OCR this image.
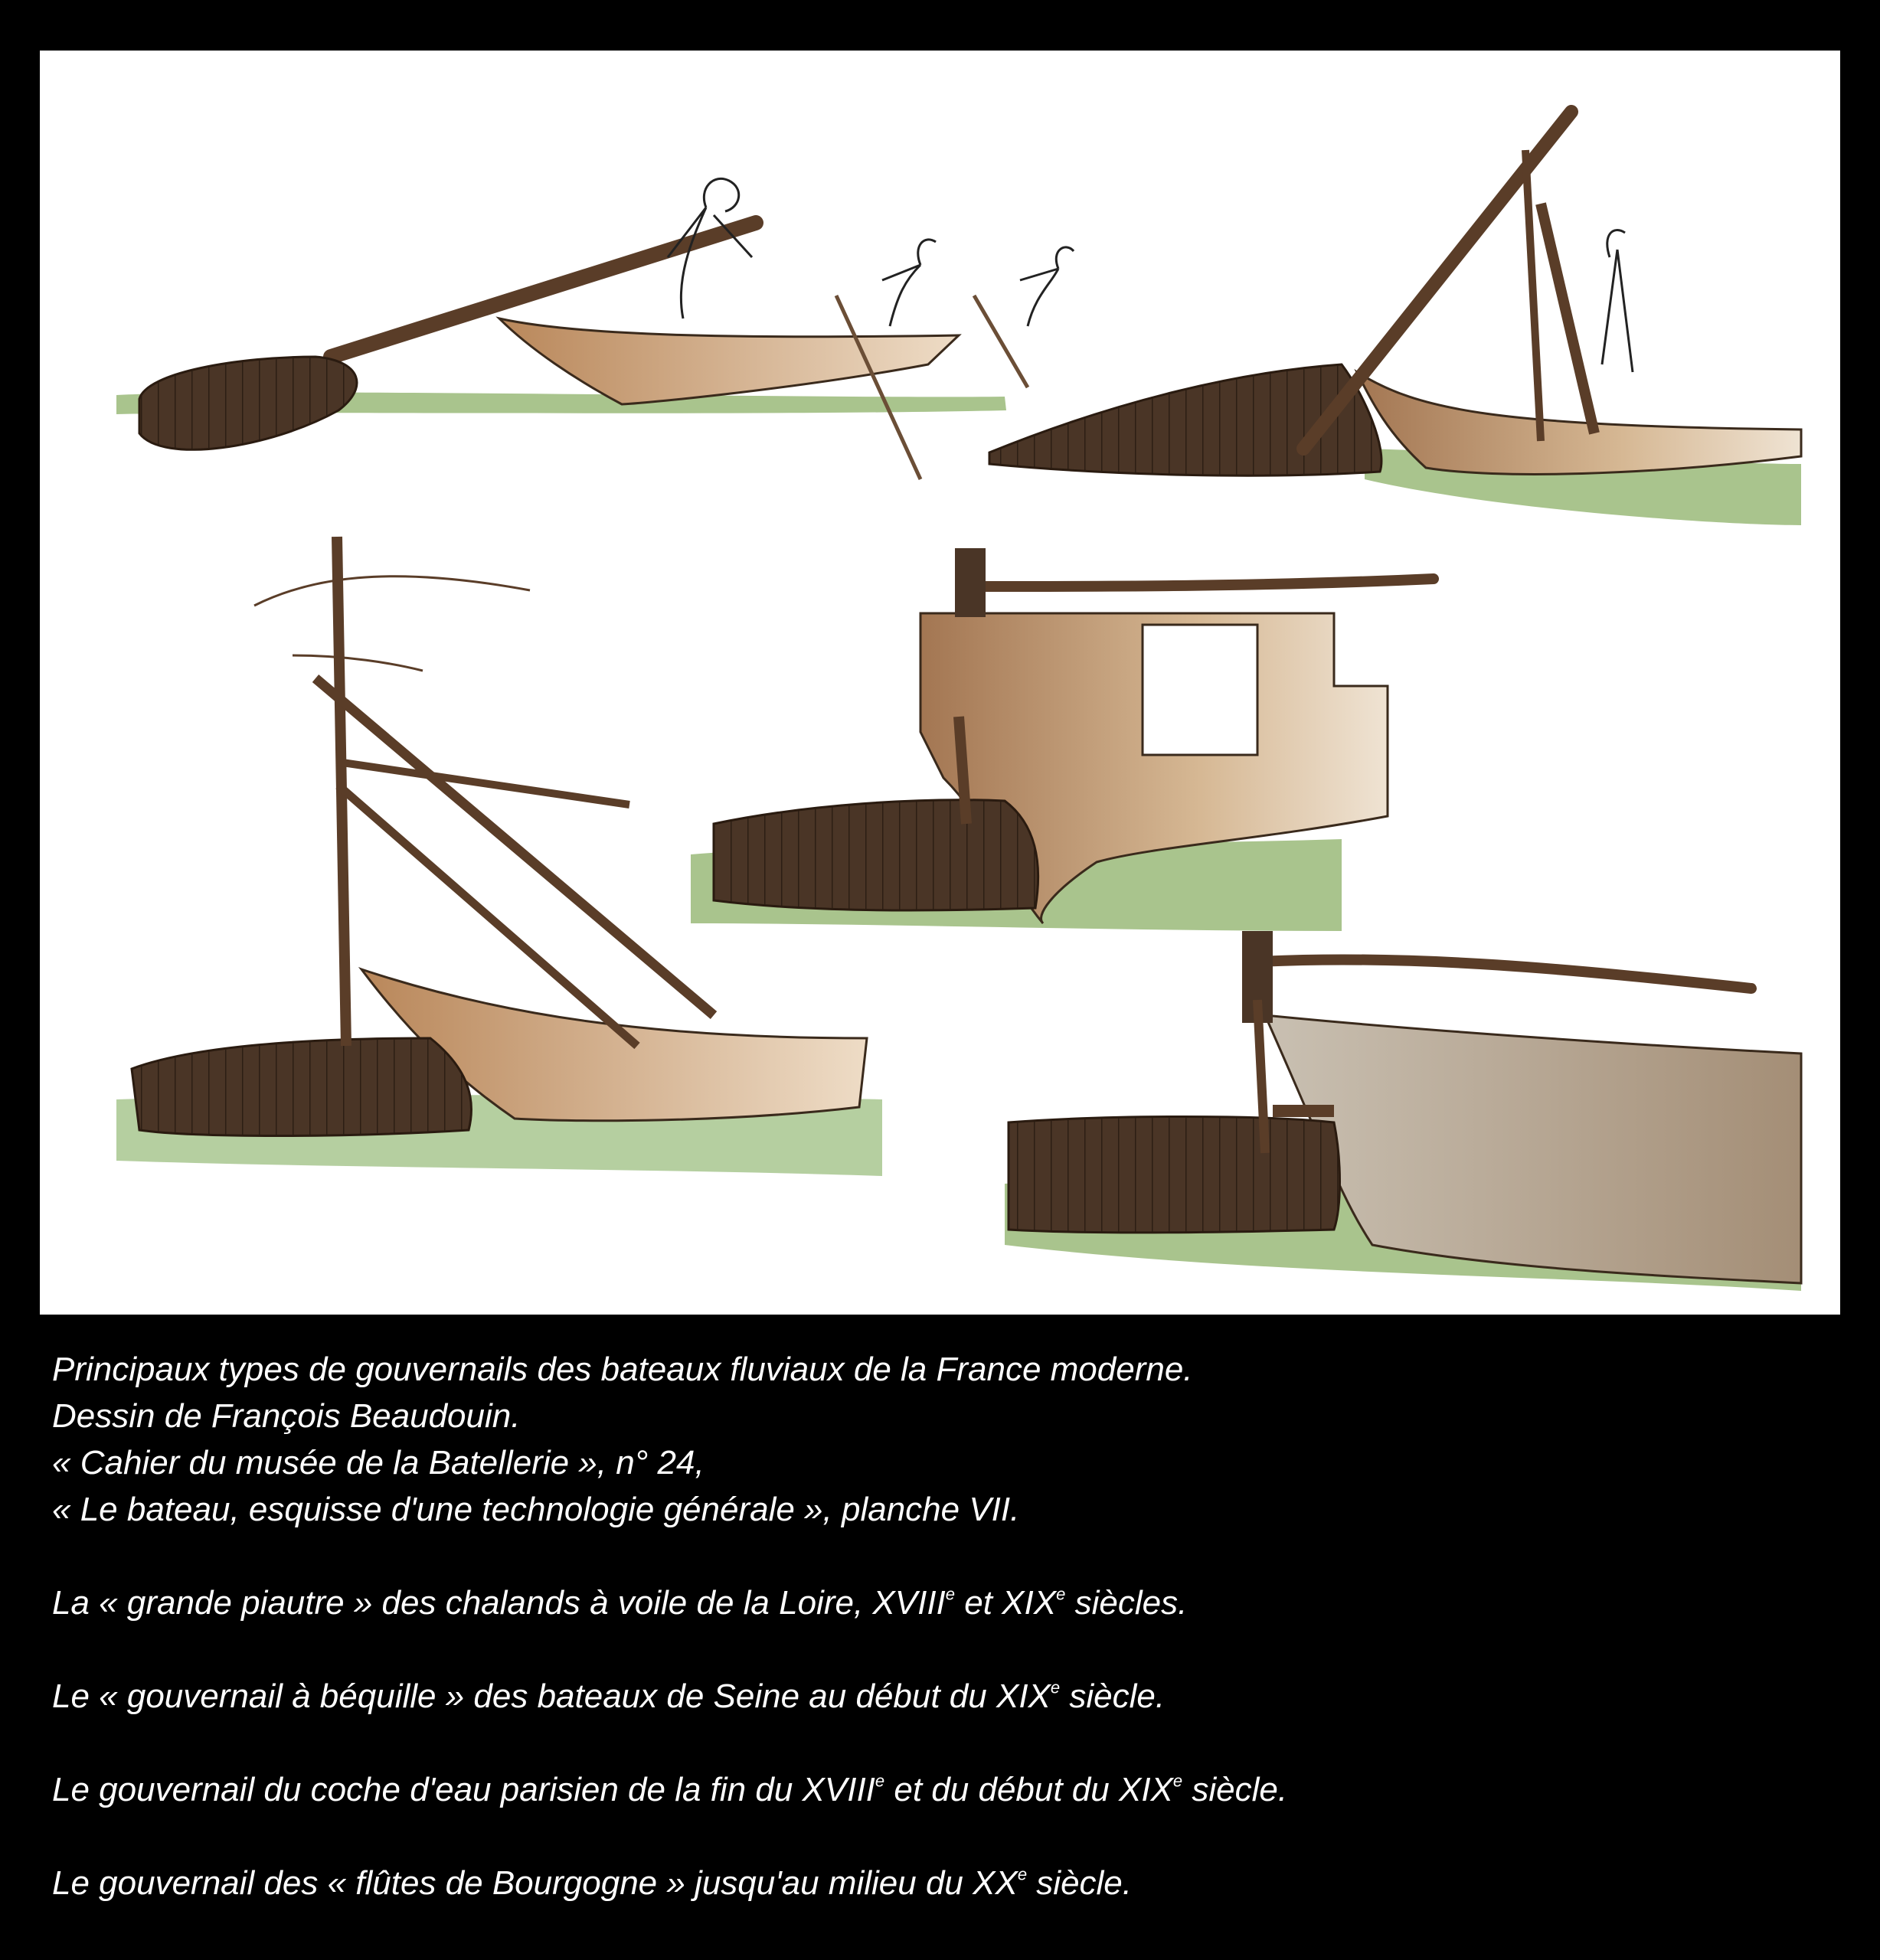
Principaux types de gouvernails des bateaux fluviaux de la France moderne.
Dessin de François Beaudouin.
« Cahier du musée de la Batellerie », n° 24,
« Le bateau, esquisse d'une technologie générale », planche VII.
La « grande piautre » des chalands à voile de la Loire, XVIIIe et XIXe siècles.
Le « gouvernail à béquille » des bateaux de Seine au début du XIXe siècle.
Le gouvernail du coche d'eau parisien de la fin du XVIIIe et du début du XIXe siècle.
Le gouvernail des « flûtes de Bourgogne » jusqu'au milieu du XXe siècle.
